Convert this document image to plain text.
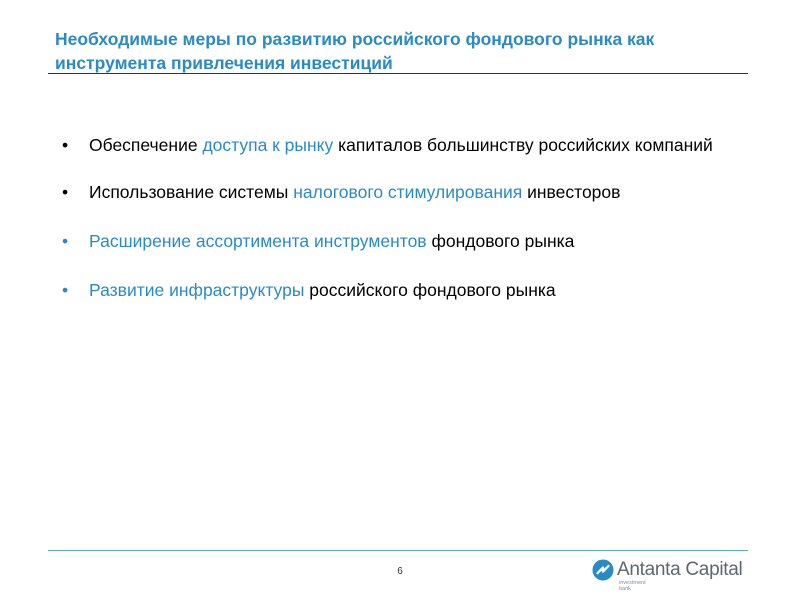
Необходимые меры по развитию российского фондового рынка как инструмента привлечения инвестиций
•	Обеспечение доступа к рынку капиталов большинству российских компаний
•	Использование системы налогового стимулирования инвесторов
•	Расширение ассортимента инструментов фондового рынка
•	Развитие инфраструктуры российского фондового рынка
6	Antanta Capital
investment bank
